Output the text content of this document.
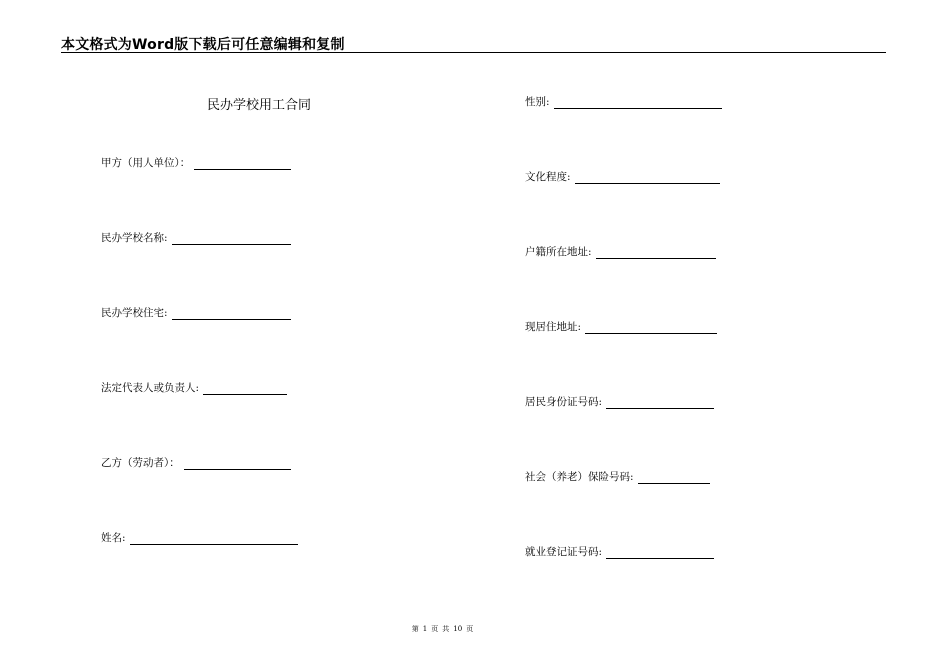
本文格式为Word版下载后可任意编辑和复制
民办学校用工合同
甲方（用人单位）：
民办学校名称:
民办学校住宅:
法定代表人或负责人:
乙方（劳动者）：
姓名:
性别:
文化程度:
户籍所在地址:
现居住地址:
居民身份证号码:
社会（养老）保险号码:
就业登记证号码:
第 1 页 共 10 页
